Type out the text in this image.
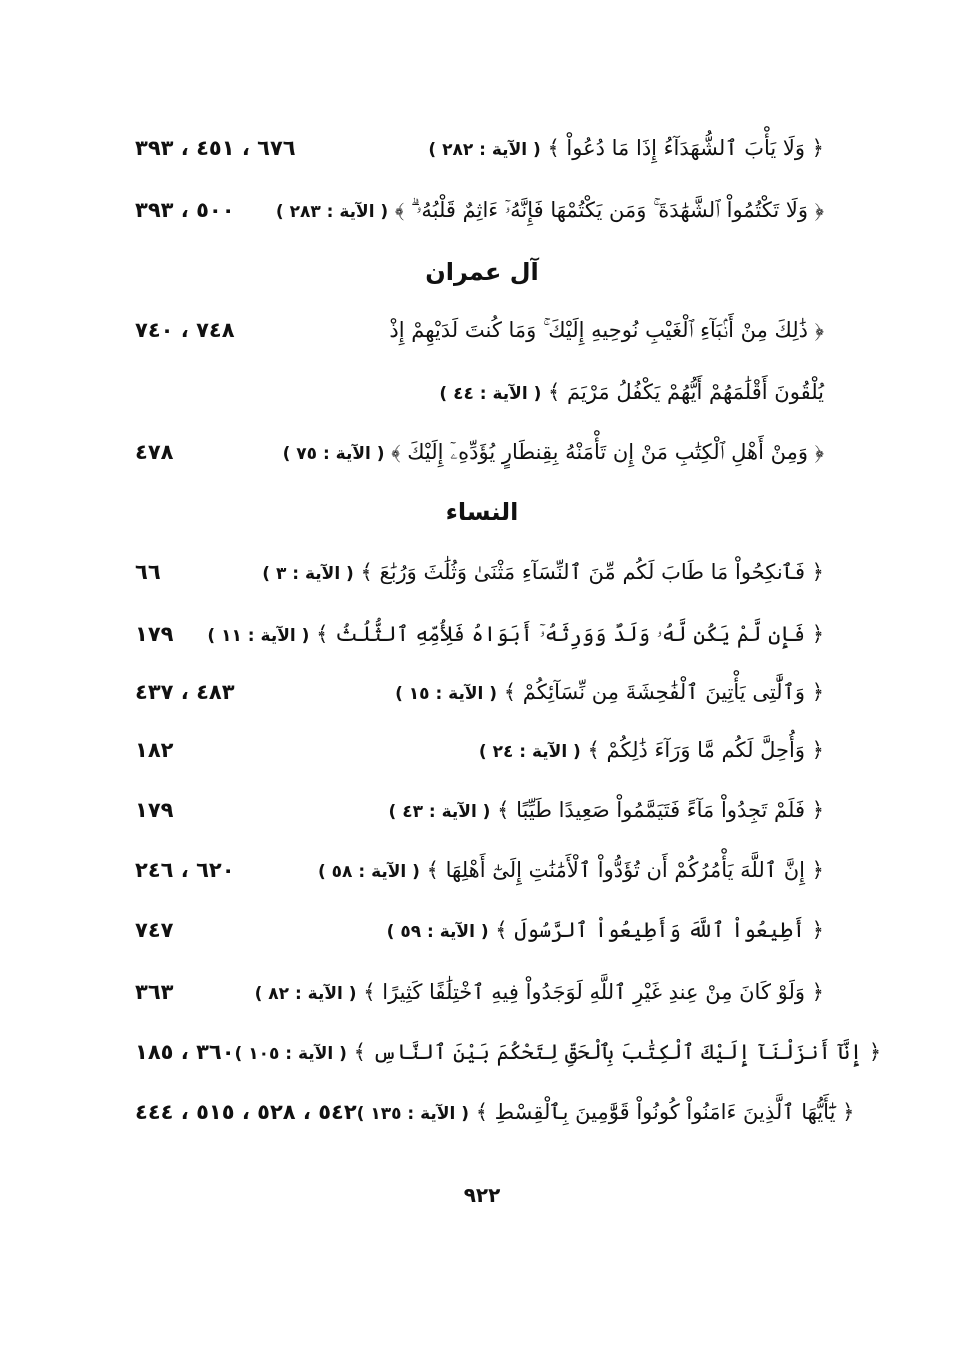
٦٧٦ ، ٤٥١ ، ٣٩٣	﴿ وَلَا يَأْبَ ٱلشُّهَدَآءُ إِذَا مَا دُعُواْ ﴾ ( الآية : ٢٨٢ )
٥٠٠ ، ٣٩٣	﴿ وَلَا تَكْتُمُواْ ٱلشَّهَٰدَةَ ۚ وَمَن يَكْتُمْهَا فَإِنَّهُۥٓ ءَاثِمٌ قَلْبُهُۥ ۗ ﴾ ( الآية : ٢٨٣ )
آل عمران
٧٤٨ ، ٧٤٠	﴿ ذَٰلِكَ مِنْ أَنۢبَآءِ ٱلْغَيْبِ نُوحِيهِ إِلَيْكَ ۚ وَمَا كُنتَ لَدَيْهِمْ إِذْ
يُلْقُونَ أَقْلَٰمَهُمْ أَيُّهُمْ يَكْفُلُ مَرْيَمَ ﴾ ( الآية : ٤٤ )
٤٧٨	﴿ وَمِنْ أَهْلِ ٱلْكِتَٰبِ مَنْ إِن تَأْمَنْهُ بِقِنطَارٍ يُؤَدِّهِۦٓ إِلَيْكَ ﴾ ( الآية : ٧٥ )
النساء
٦٦	﴿ فَٱنكِحُواْ مَا طَابَ لَكُم مِّنَ ٱلنِّسَآءِ مَثْنَىٰ وَثُلَٰثَ وَرُبَٰعَ ﴾ ( الآية : ٣ )
١٧٩	﴿ فَإِن لَّمْ يَكُن لَّهُۥ وَلَدٌ وَوَرِثَهُۥٓ أَبَوَاهُ فَلِأُمِّهِ ٱلثُّلُثُ ﴾ ( الآية : ١١ )
٤٨٣ ، ٤٣٧	﴿ وَٱلَّٰتِى يَأْتِينَ ٱلْفَٰحِشَةَ مِن نِّسَآئِكُمْ ﴾ ( الآية : ١٥ )
١٨٢	﴿ وَأُحِلَّ لَكُم مَّا وَرَآءَ ذَٰلِكُمْ ﴾ ( الآية : ٢٤ )
١٧٩	﴿ فَلَمْ تَجِدُواْ مَآءً فَتَيَمَّمُواْ صَعِيدًا طَيِّبًا ﴾ ( الآية : ٤٣ )
٦٢٠ ، ٢٤٦	﴿ إِنَّ ٱللَّهَ يَأْمُرُكُمْ أَن تُؤَدُّواْ ٱلْأَمَٰنَٰتِ إِلَىٰٓ أَهْلِهَا ﴾ ( الآية : ٥٨ )
٧٤٧	﴿ أَطِيعُواْ ٱللَّهَ وَأَطِيعُواْ ٱلرَّسُولَ ﴾ ( الآية : ٥٩ )
٣٦٣	﴿ وَلَوْ كَانَ مِنْ عِندِ غَيْرِ ٱللَّهِ لَوَجَدُواْ فِيهِ ٱخْتِلَٰفًا كَثِيرًا ﴾ ( الآية : ٨٢ )
٣٦٠ ، ١٨٥	﴿ إِنَّآ أَنزَلْنَآ إِلَيْكَ ٱلْكِتَٰبَ بِٱلْحَقِّ لِتَحْكُمَ بَيْنَ ٱلنَّاسِ ﴾ ( الآية : ١٠٥ )
٥٤٢ ، ٥٢٨ ، ٥١٥ ، ٤٤٤	﴿ يَٰٓأَيُّهَا ٱلَّذِينَ ءَامَنُواْ كُونُواْ قَوَّٰمِينَ بِٱلْقِسْطِ ﴾ ( الآية : ١٣٥ )
٩٢٢
